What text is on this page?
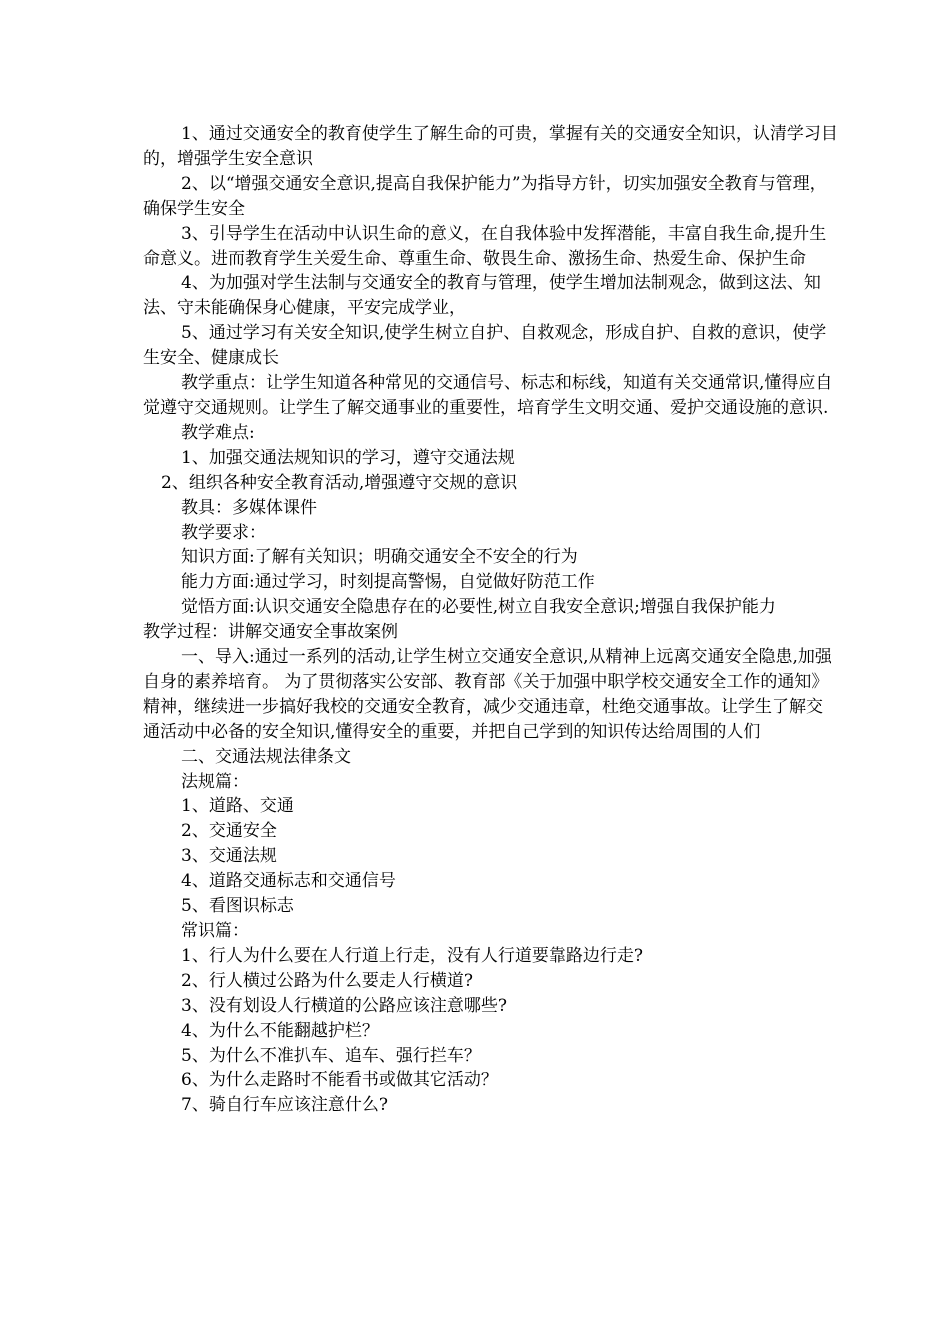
1、通过交通安全的教育使学生了解生命的可贵，掌握有关的交通安全知识，认清学习目的，增强学生安全意识

2、以“增强交通安全意识,提高自我保护能力”为指导方针，切实加强安全教育与管理，确保学生安全

3、引导学生在活动中认识生命的意义，在自我体验中发挥潜能，丰富自我生命,提升生命意义。进而教育学生关爱生命、尊重生命、敬畏生命、激扬生命、热爱生命、保护生命

4、为加强对学生法制与交通安全的教育与管理，使学生增加法制观念，做到这法、知法、守未能确保身心健康，平安完成学业，

5、通过学习有关安全知识,使学生树立自护、自救观念，形成自护、自救的意识，使学生安全、健康成长

教学重点：让学生知道各种常见的交通信号、标志和标线，知道有关交通常识,懂得应自觉遵守交通规则。让学生了解交通事业的重要性，培育学生文明交通、爱护交通设施的意识.

教学难点:

1、加强交通法规知识的学习，遵守交通法规

2、组织各种安全教育活动,增强遵守交规的意识

教具：多媒体课件

教学要求：

知识方面:了解有关知识；明确交通安全不安全的行为

能力方面:通过学习，时刻提高警惕，自觉做好防范工作

觉悟方面:认识交通安全隐患存在的必要性,树立自我安全意识;增强自我保护能力

教学过程：讲解交通安全事故案例

一、导入:通过一系列的活动,让学生树立交通安全意识,从精神上远离交通安全隐患,加强自身的素养培育。 为了贯彻落实公安部、教育部《关于加强中职学校交通安全工作的通知》精神，继续进一步搞好我校的交通安全教育，减少交通违章，杜绝交通事故。让学生了解交通活动中必备的安全知识,懂得安全的重要，并把自己学到的知识传达给周围的人们

二、交通法规法律条文

法规篇：

1、道路、交通

2、交通安全

3、交通法规

4、道路交通标志和交通信号

5、看图识标志

常识篇：

1、行人为什么要在人行道上行走，没有人行道要靠路边行走?

2、行人横过公路为什么要走人行横道?

3、没有划设人行横道的公路应该注意哪些?

4、为什么不能翻越护栏？

5、为什么不准扒车、追车、强行拦车？

6、为什么走路时不能看书或做其它活动？

7、骑自行车应该注意什么?
